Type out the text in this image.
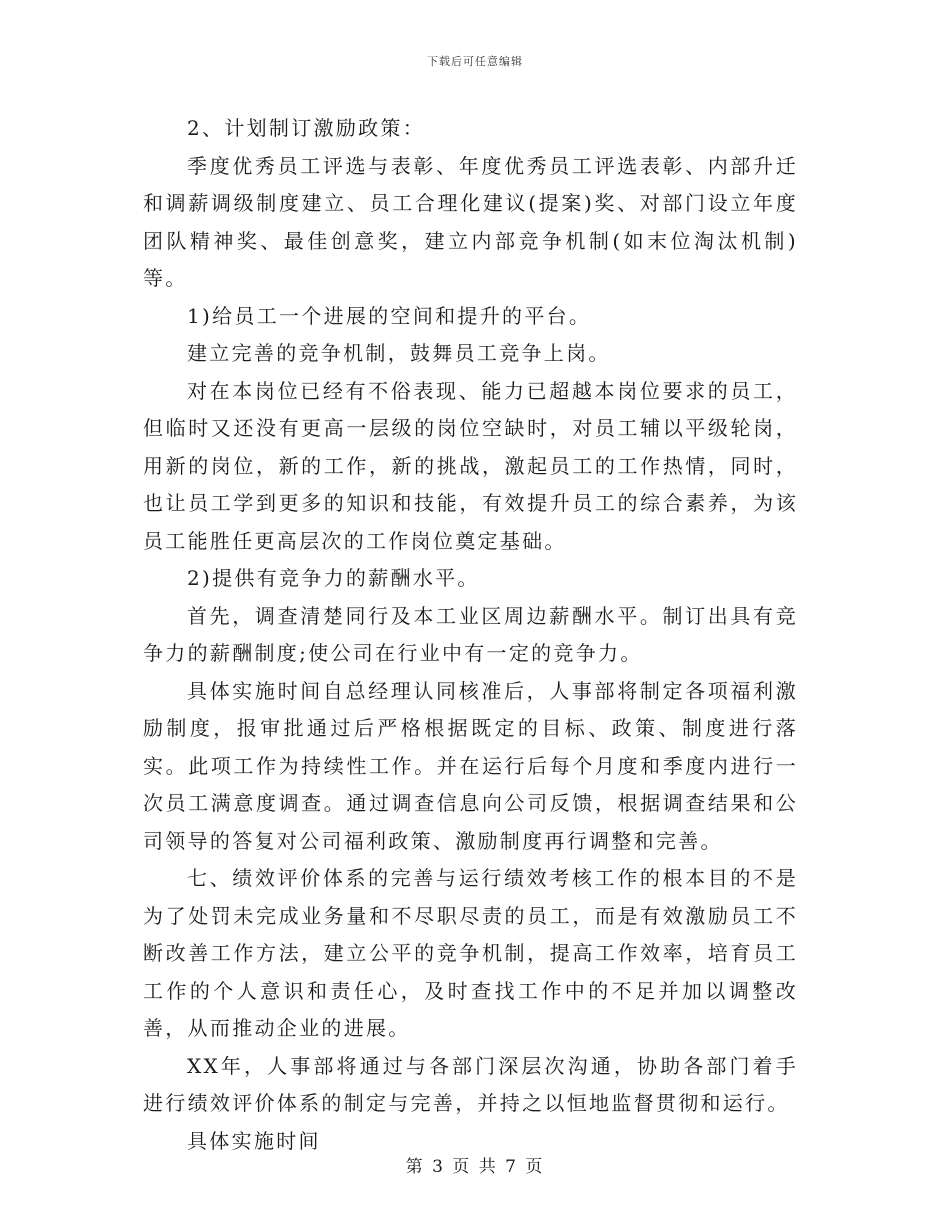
下载后可任意编辑

2、计划制订激励政策：

季度优秀员工评选与表彰、年度优秀员工评选表彰、内部升迁和调薪调级制度建立、员工合理化建议(提案)奖、对部门设立年度团队精神奖、最佳创意奖，建立内部竞争机制(如末位淘汰机制)等。

1)给员工一个进展的空间和提升的平台。

建立完善的竞争机制，鼓舞员工竞争上岗。

对在本岗位已经有不俗表现、能力已超越本岗位要求的员工，但临时又还没有更高一层级的岗位空缺时，对员工辅以平级轮岗，用新的岗位，新的工作，新的挑战，激起员工的工作热情，同时，也让员工学到更多的知识和技能，有效提升员工的综合素养，为该员工能胜任更高层次的工作岗位奠定基础。

2)提供有竞争力的薪酬水平。

首先，调查清楚同行及本工业区周边薪酬水平。制订出具有竞争力的薪酬制度;使公司在行业中有一定的竞争力。

具体实施时间自总经理认同核准后，人事部将制定各项福利激励制度，报审批通过后严格根据既定的目标、政策、制度进行落实。此项工作为持续性工作。并在运行后每个月度和季度内进行一次员工满意度调查。通过调查信息向公司反馈，根据调查结果和公司领导的答复对公司福利政策、激励制度再行调整和完善。

七、绩效评价体系的完善与运行绩效考核工作的根本目的不是为了处罚未完成业务量和不尽职尽责的员工，而是有效激励员工不断改善工作方法，建立公平的竞争机制，提高工作效率，培育员工工作的个人意识和责任心，及时查找工作中的不足并加以调整改善，从而推动企业的进展。

XX年，人事部将通过与各部门深层次沟通，协助各部门着手进行绩效评价体系的制定与完善，并持之以恒地监督贯彻和运行。

具体实施时间

第 3 页 共 7 页
